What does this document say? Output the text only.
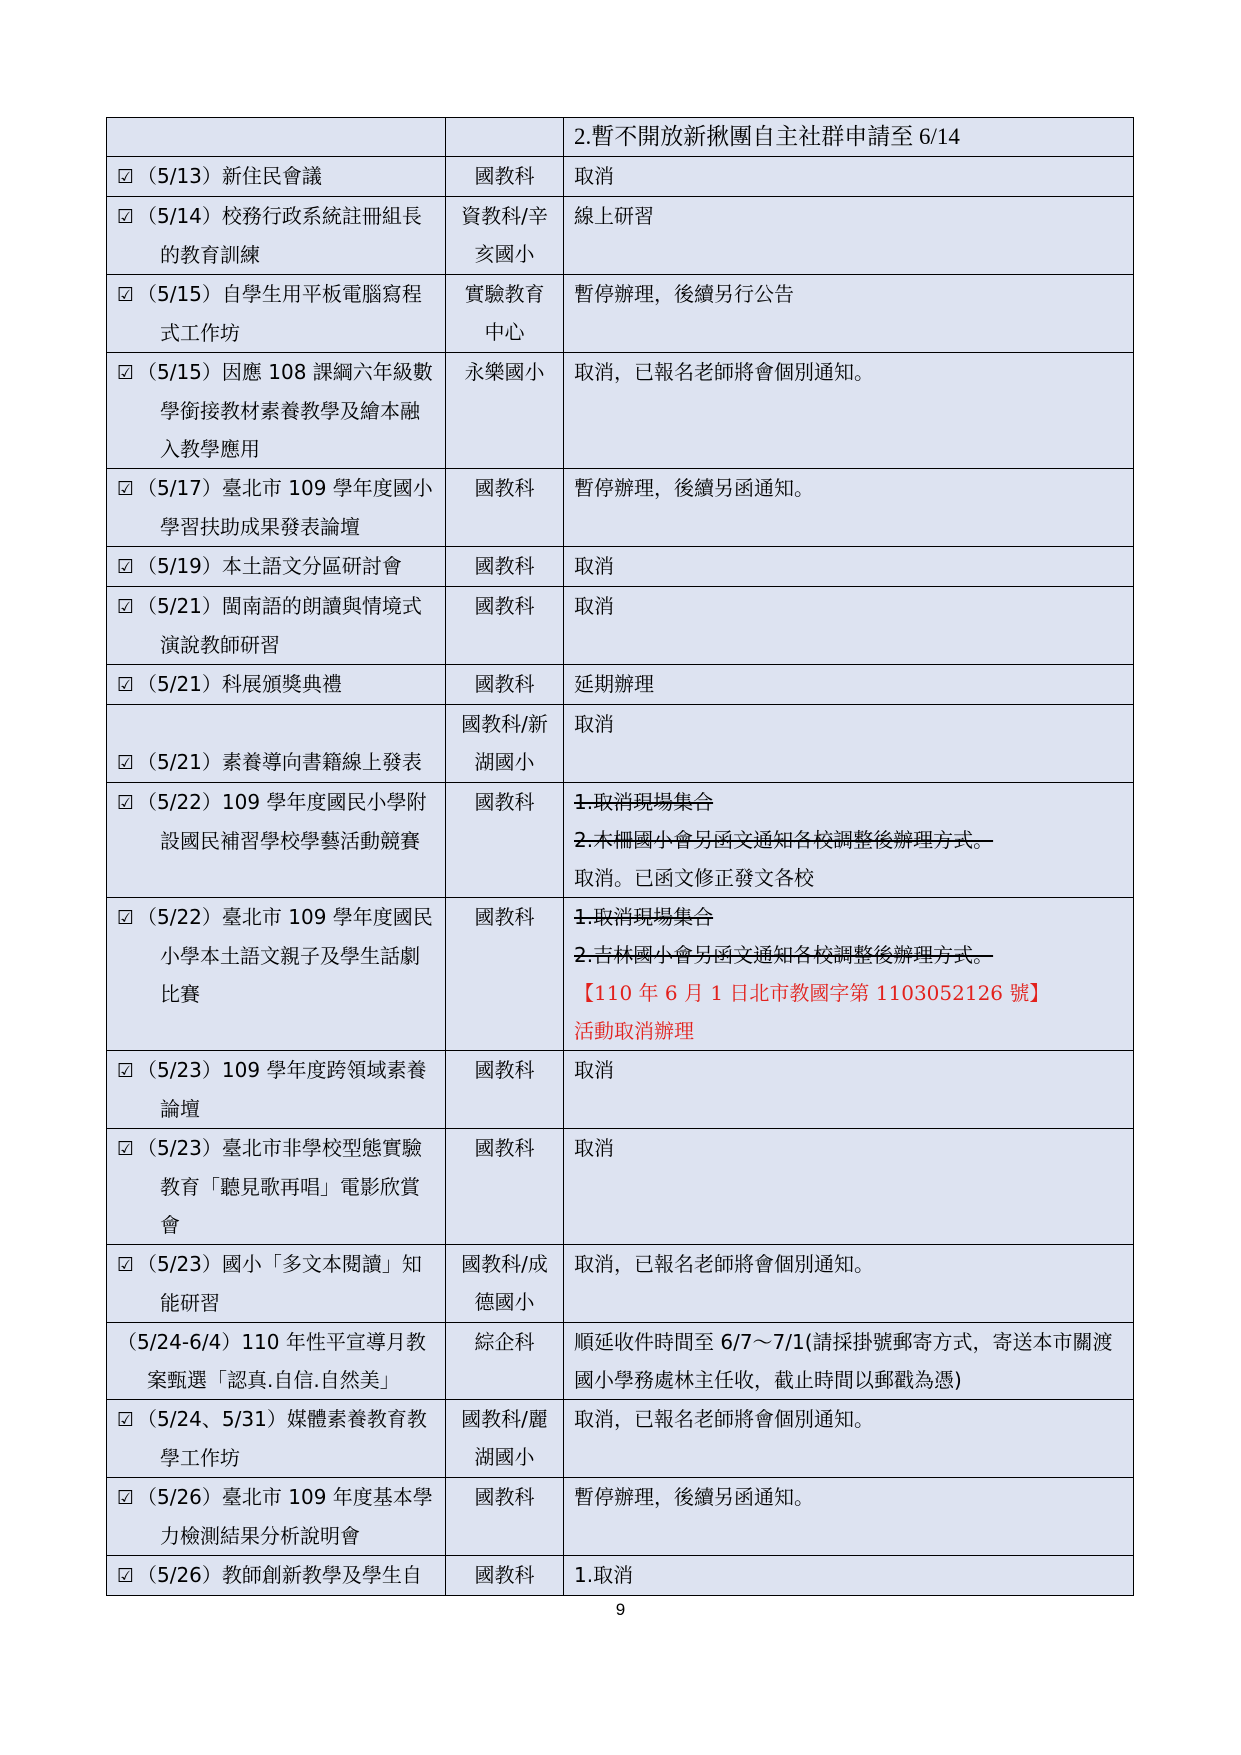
		2.暫不開放新揪團自主社群申請至 6/14

☑ （5/13）新住民會議	國教科	取消

☑ （5/14）校務行政系統註冊組長的教育訓練	資教科/辛亥國小	線上研習

☑ （5/15）自學生用平板電腦寫程式工作坊	實驗教育中心	暫停辦理，後續另行公告

☑ （5/15）因應 108 課綱六年級數學銜接教材素養教學及繪本融入教學應用	永樂國小	取消，已報名老師將會個別通知。

☑ （5/17）臺北市 109 學年度國小學習扶助成果發表論壇	國教科	暫停辦理，後續另函通知。

☑ （5/19）本土語文分區研討會	國教科	取消

☑ （5/21）閩南語的朗讀與情境式演說教師研習	國教科	取消

☑ （5/21）科展頒獎典禮	國教科	延期辦理

☑ （5/21）素養導向書籍線上發表	國教科/新湖國小	取消

☑ （5/22）109 學年度國民小學附設國民補習學校學藝活動競賽	國教科	1.取消現場集合
2.木柵國小會另函文通知各校調整後辦理方式。
取消。已函文修正發文各校

☑ （5/22）臺北市 109 學年度國民小學本土語文親子及學生話劇比賽	國教科	1.取消現場集合
2.吉林國小會另函文通知各校調整後辦理方式。
【110 年 6 月 1 日北市教國字第 1103052126 號】
活動取消辦理

☑ （5/23）109 學年度跨領域素養論壇	國教科	取消

☑ （5/23）臺北市非學校型態實驗教育「聽見歌再唱」電影欣賞會	國教科	取消

☑ （5/23）國小「多文本閱讀」知能研習	國教科/成德國小	取消，已報名老師將會個別通知。

（5/24-6/4）110 年性平宣導月教案甄選「認真.自信.自然美」	綜企科	順延收件時間至 6/7～7/1(請採掛號郵寄方式，寄送本市關渡國小學務處林主任收，截止時間以郵戳為憑)

☑ （5/24、5/31）媒體素養教育教學工作坊	國教科/麗湖國小	取消，已報名老師將會個別通知。

☑ （5/26）臺北市 109 年度基本學力檢測結果分析說明會	國教科	暫停辦理，後續另函通知。

☑ （5/26）教師創新教學及學生自	國教科	1.取消
9
